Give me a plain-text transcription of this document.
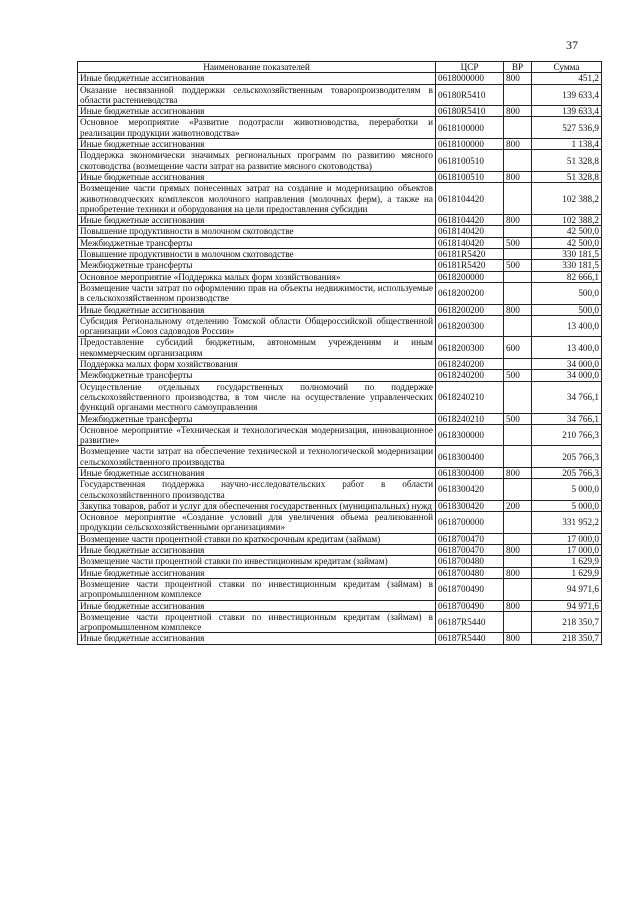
37
Наименование показателей	ЦСР	ВР	Сумма
Иные бюджетные ассигнования	0618000000	800	451,2
Оказание несвязанной поддержки сельскохозяйственным товаропроизводителям в области растениеводства	06180R5410		139 633,4
Иные бюджетные ассигнования	06180R5410	800	139 633,4
Основное мероприятие «Развитие подотрасли животноводства, переработки и реализации продукции животноводства»	0618100000		527 536,9
Иные бюджетные ассигнования	0618100000	800	1 138,4
Поддержка экономически значимых региональных программ по развитию мясного скотоводства (возмещение части затрат на развитие мясного скотоводства)	0618100510		51 328,8
Иные бюджетные ассигнования	0618100510	800	51 328,8
Возмещение части прямых понесенных затрат на создание и модернизацию объектов животноводческих комплексов молочного направления (молочных ферм), а также на приобретение техники и оборудования на цели предоставления субсидии	0618104420		102 388,2
Иные бюджетные ассигнования	0618104420	800	102 388,2
Повышение продуктивности в молочном скотоводстве	0618140420		42 500,0
Межбюджетные трансферты	0618140420	500	42 500,0
Повышение продуктивности в молочном скотоводстве	06181R5420		330 181,5
Межбюджетные трансферты	06181R5420	500	330 181,5
Основное мероприятие «Поддержка малых форм хозяйствования»	0618200000		82 666,1
Возмещение части затрат по оформлению прав на объекты недвижимости, используемые в сельскохозяйственном производстве	0618200200		500,0
Иные бюджетные ассигнования	0618200200	800	500,0
Субсидия Региональному отделению Томской области Общероссийской общественной организации «Союз садоводов России»	0618200300		13 400,0
Предоставление субсидий бюджетным, автономным учреждениям и иным некоммерческим организациям	0618200300	600	13 400,0
Поддержка малых форм хозяйствования	0618240200		34 000,0
Межбюджетные трансферты	0618240200	500	34 000,0
Осуществление отдельных государственных полномочий по поддержке сельскохозяйственного производства, в том числе на осуществление управленческих функций органами местного самоуправления	0618240210		34 766,1
Межбюджетные трансферты	0618240210	500	34 766,1
Основное мероприятие «Техническая и технологическая модернизация, инновационное развитие»	0618300000		210 766,3
Возмещение части затрат на обеспечение технической и технологической модернизации сельскохозяйственного производства	0618300400		205 766,3
Иные бюджетные ассигнования	0618300400	800	205 766,3
Государственная поддержка научно-исследовательских работ в области сельскохозяйственного производства	0618300420		5 000,0
Закупка товаров, работ и услуг для обеспечения государственных (муниципальных) нужд	0618300420	200	5 000,0
Основное мероприятие «Создание условий для увеличения объема реализованной продукции сельскохозяйственными организациями»	0618700000		331 952,2
Возмещение части процентной ставки по краткосрочным кредитам (займам)	0618700470		17 000,0
Иные бюджетные ассигнования	0618700470	800	17 000,0
Возмещение части процентной ставки по инвестиционным кредитам (займам)	0618700480		1 629,9
Иные бюджетные ассигнования	0618700480	800	1 629,9
Возмещение части процентной ставки по инвестиционным кредитам (займам) в агропромышленном комплексе	0618700490		94 971,6
Иные бюджетные ассигнования	0618700490	800	94 971,6
Возмещение части процентной ставки по инвестиционным кредитам (займам) в агропромышленном комплексе	06187R5440		218 350,7
Иные бюджетные ассигнования	06187R5440	800	218 350,7
